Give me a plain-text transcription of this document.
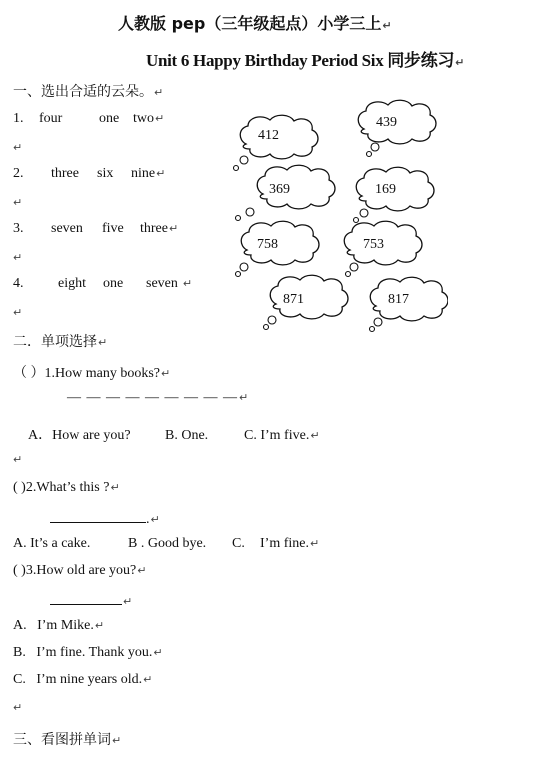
人教版 pep（三年级起点）小学三上↵
Unit 6 Happy Birthday Period Six 同步练习↵
一、选出合适的云朵。↵
1. four	one two↵
↵
2. three six nine↵
↵
3. seven five three↵
↵
4. eight one seven ↵
↵
412
439
369	169
758	753
871	817
二．单项选择↵
（ ）1.How many books?↵
— — — — — — — — —↵
A．How are you? B. One.	C. I’m five.↵
↵
( )2.What’s this ?↵
.↵
A. It’s a cake.	B . Good bye. C. I’m fine.↵
( )3.How old are you?↵
↵
A.   I’m Mike.↵
B.   I’m fine. Thank you.↵
C.   I’m nine years old.↵
↵
三、看图拼单词↵
